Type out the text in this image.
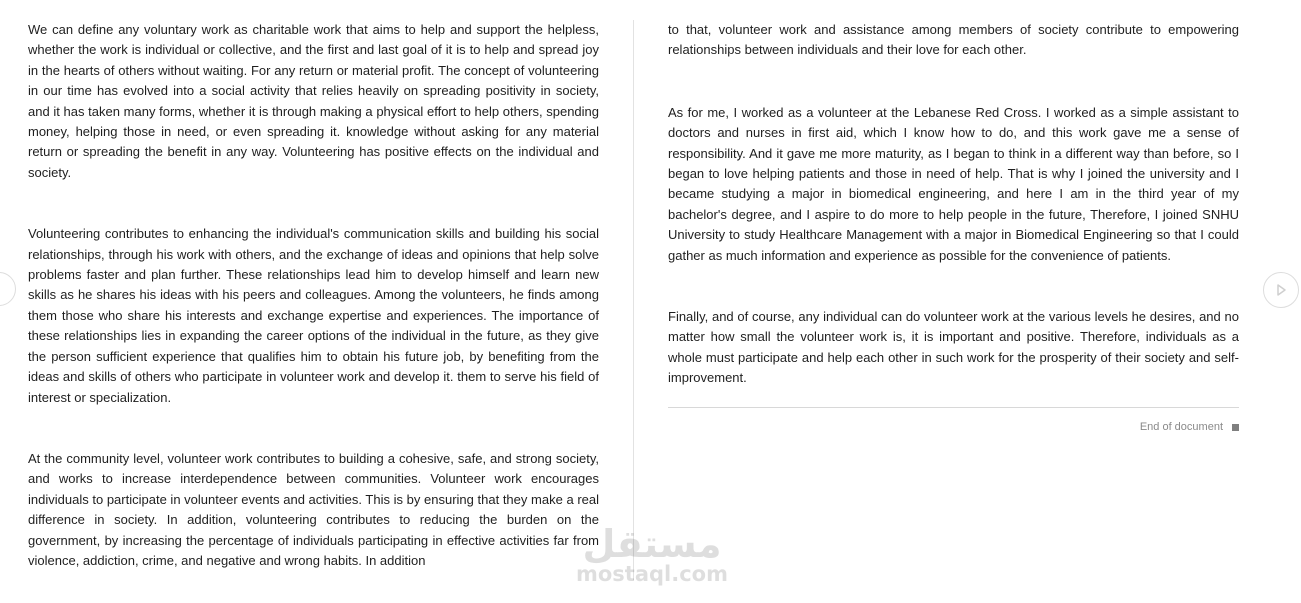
We can define any voluntary work as charitable work that aims to help and support the helpless, whether the work is individual or collective, and the first and last goal of it is to help and spread joy in the hearts of others without waiting. For any return or material profit. The concept of volunteering in our time has evolved into a social activity that relies heavily on spreading positivity in society, and it has taken many forms, whether it is through making a physical effort to help others, spending money, helping those in need, or even spreading it. knowledge without asking for any material return or spreading the benefit in any way. Volunteering has positive effects on the individual and society.

Volunteering contributes to enhancing the individual's communication skills and building his social relationships, through his work with others, and the exchange of ideas and opinions that help solve problems faster and plan further. These relationships lead him to develop himself and learn new skills as he shares his ideas with his peers and colleagues. Among the volunteers, he finds among them those who share his interests and exchange expertise and experiences. The importance of these relationships lies in expanding the career options of the individual in the future, as they give the person sufficient experience that qualifies him to obtain his future job, by benefiting from the ideas and skills of others who participate in volunteer work and develop it. them to serve his field of interest or specialization.

At the community level, volunteer work contributes to building a cohesive, safe, and strong society, and works to increase interdependence between communities. Volunteer work encourages individuals to participate in volunteer events and activities. This is by ensuring that they make a real difference in society. In addition, volunteering contributes to reducing the burden on the government, by increasing the percentage of individuals participating in effective activities far from violence, addiction, crime, and negative and wrong habits. In addition

to that, volunteer work and assistance among members of society contribute to empowering relationships between individuals and their love for each other.

As for me, I worked as a volunteer at the Lebanese Red Cross. I worked as a simple assistant to doctors and nurses in first aid, which I know how to do, and this work gave me a sense of responsibility. And it gave me more maturity, as I began to think in a different way than before, so I began to love helping patients and those in need of help. That is why I joined the university and I became studying a major in biomedical engineering, and here I am in the third year of my bachelor's degree, and I aspire to do more to help people in the future, Therefore, I joined SNHU University to study Healthcare Management with a major in Biomedical Engineering so that I could gather as much information and experience as possible for the convenience of patients.

Finally, and of course, any individual can do volunteer work at the various levels he desires, and no matter how small the volunteer work is, it is important and positive. Therefore, individuals as a whole must participate and help each other in such work for the prosperity of their society and self-improvement.

End of document
مستقل
mostaql.com
